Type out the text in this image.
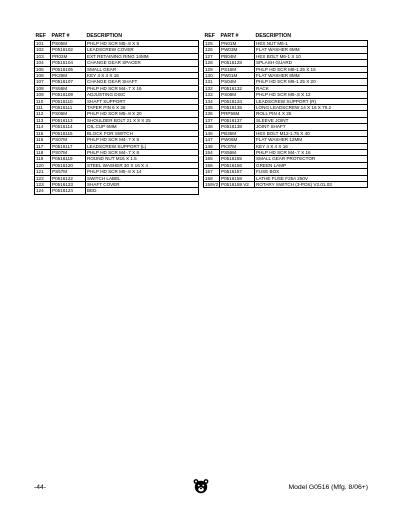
REF	PART #	DESCRIPTION
101	PS05M	PHLP HD SCR M5-.8 X 8
102	P0516102	LEADSCREW COVER
103	PR02M	EXT RETAINING RING 14MM
104	P0516104	CHANGE GEAR SPACER
105	P0516105	SMALL GEAR
106	PK29M	KEY 4 X 4 X 16
107	P0516107	CHANGE GEAR SHAFT
108	PS56M	PHLP HD SCR M4-.7 X 16
109	P0516109	ADJUSTING DISC
110	P0516110	SHAFT SUPPORT
111	P0516111	TAPER PIN 6 X 26
112	PS06M	PHLP HD SCR M5-.8 X 20
113	P0516113	SHOULDER BOLT 21 X 8 X 25
114	P0516114	OIL CUP 6MM
115	P0516115	BLOCK FOR SWITCH
116	PS07M	PHLP HD SCR M4-.7 X 8
117	P0516117	LEADSCREW SUPPORT (L)
118	PS07M	PHLP HD SCR M4-.7 X 8
119	P0516119	ROUND NUT M16 X 1.5
120	P0516120	STEEL WASHER 30 X 16 X 4
121	PS57M	PHLP HD SCR M5-.8 X 14
122	P0516122	SWITCH LABEL
123	P0516123	SHAFT COVER
124	P0516124	BED
REF	PART #	DESCRIPTION
125	PN01M	HEX NUT M6-1
126	PW03M	FLAT WASHER 6MM
127	PB04M	HEX BOLT M6-1 X 10
128	P0516128	SPLASH GUARD
129	PS16M	PHLP HD SCR M8-1.25 X 16
130	PW01M	FLAT WASHER 8MM
131	PS04M	PHLP HD SCR M6-1.25 X 20
132	P0516132	RACK
133	PS08M	PHLP HD SCR M5-.8 X 12
134	P0516134	LEADSCREW SUPPORT (R)
135	P0516135	LONG LEADSCREW 14 X 16 X 79.2
136	PRP56M	ROLL PIN 4 X 25
137	P0516137	SLEEVE JOINT
138	P0516138	JOINT SHAFT
146	PB35M	HEX BOLT M12-1.75 X 40
147	PW06M	FLAT WASHER 12MM
148	PK37M	KEY 4 X 4 X 16
154	PS56M	PHLP HD SCR M4-.7 X 16
155	P0516155	SMALL GEAR PROTECTOR
156	P0516156	GREEN LAMP
157	P0516157	FUSE BOX
158	P0516158	LATHE FUSE F25A 250V
159V2	P0516159 V2	ROTARY SWITCH (3-POS) V2.01.03
-44-	Model G0516 (Mfg. 8/06+)
